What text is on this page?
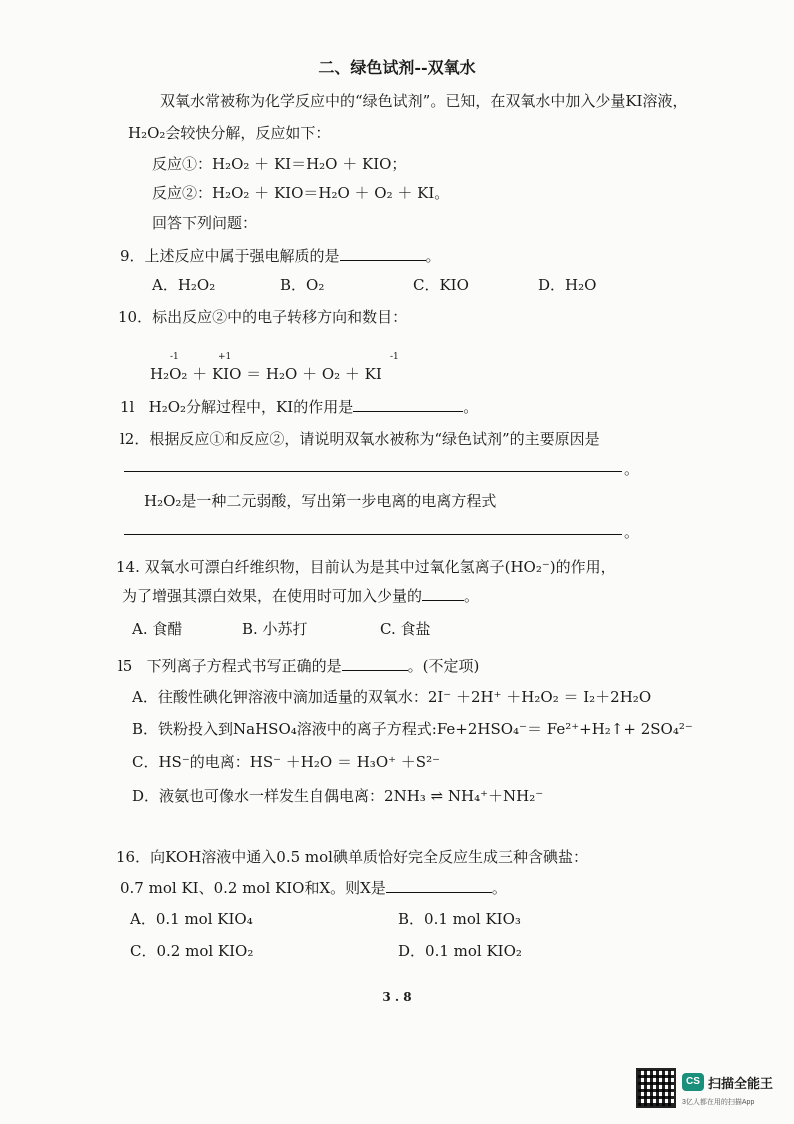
二、绿色试剂--双氧水
双氧水常被称为化学反应中的“绿色试剂”。已知，在双氧水中加入少量KI溶液，
H₂O₂会较快分解，反应如下：
反应①：H₂O₂ ＋ KI＝H₂O ＋ KIO；
反应②：H₂O₂ ＋ KIO＝H₂O ＋ O₂ ＋ KI。
回答下列问题：
9．上述反应中属于强电解质的是	。
A．H₂O₂	B．O₂	C．KIO	D．H₂O
10．标出反应②中的电子转移方向和数目：
H₂O₂ ＋ KIO ＝ H₂O ＋ O₂ ＋ KI
-1	+1	-1
1l H₂O₂分解过程中，KI的作用是	。
l2．根据反应①和反应②，请说明双氧水被称为“绿色试剂”的主要原因是
。
H₂O₂是一种二元弱酸，写出第一步电离的电离方程式
。
14. 双氧水可漂白纤维织物，目前认为是其中过氧化氢离子(HO₂⁻)的作用，
为了增强其漂白效果，在使用时可加入少量的	。
A. 食醋	B. 小苏打	C. 食盐
l5 下列离子方程式书写正确的是	。(不定项)
A．往酸性碘化钾溶液中滴加适量的双氧水：2I⁻ ＋2H⁺ ＋H₂O₂ ＝ I₂＋2H₂O
B．铁粉投入到NaHSO₄溶液中的离子方程式:Fe+2HSO₄⁻＝ Fe²⁺+H₂↑+ 2SO₄²⁻
C．HS⁻的电离：HS⁻ ＋H₂O ＝ H₃O⁺ ＋S²⁻
D．液氨也可像水一样发生自偶电离：2NH₃ ⇌ NH₄⁺＋NH₂⁻
16．向KOH溶液中通入0.5 mol碘单质恰好完全反应生成三种含碘盐：
0.7 mol KI、0.2 mol KIO和X。则X是	。
A．0.1 mol KIO₄	B．0.1 mol KIO₃
C．0.2 mol KIO₂	D．0.1 mol KIO₂
3 . 8
CS 扫描全能王
3亿人都在用的扫描App
